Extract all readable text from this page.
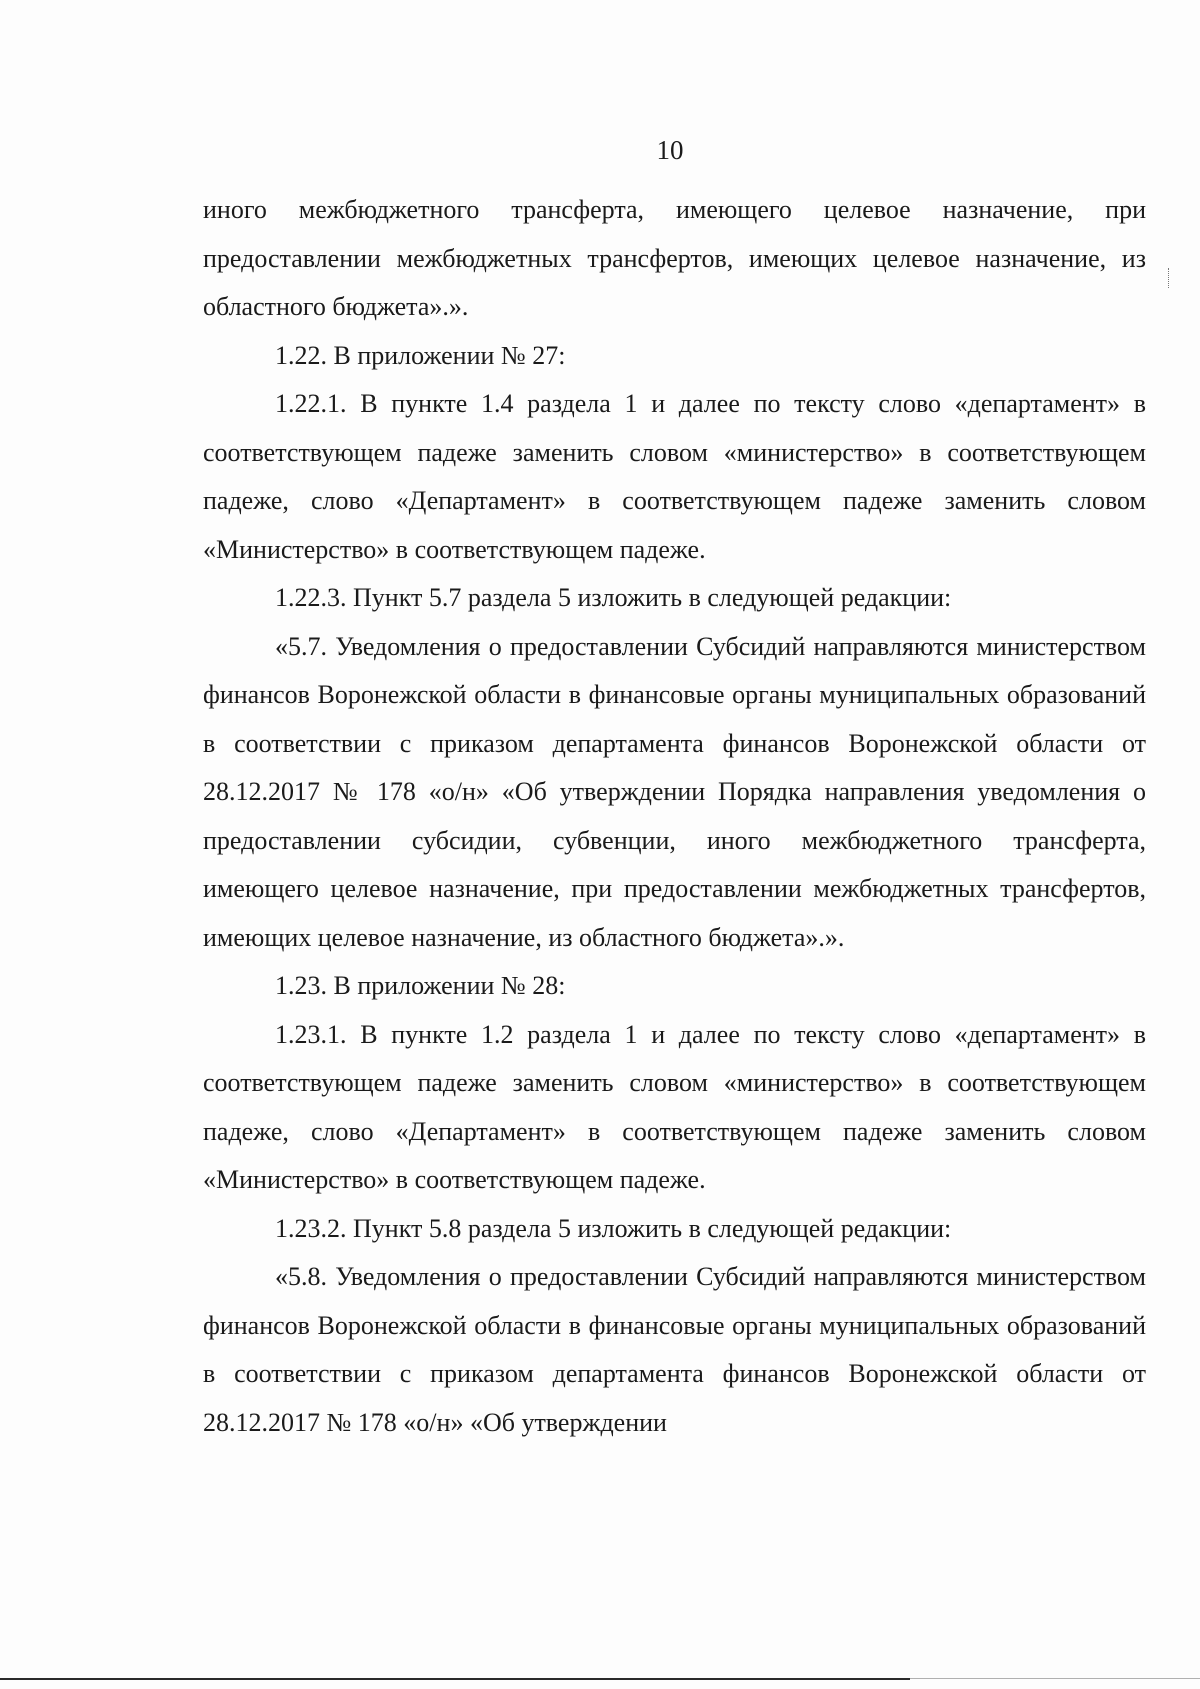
10

иного межбюджетного трансферта, имеющего целевое назначение, при предоставлении межбюджетных трансфертов, имеющих целевое назначение, из областного бюджета».».

1.22. В приложении № 27:

1.22.1. В пункте 1.4 раздела 1 и далее по тексту слово «департамент» в соответствующем падеже заменить словом «министерство» в соответствующем падеже, слово «Департамент» в соответствующем падеже заменить словом «Министерство» в соответствующем падеже.

1.22.3. Пункт 5.7 раздела 5 изложить в следующей редакции:

«5.7. Уведомления о предоставлении Субсидий направляются министерством финансов Воронежской области в финансовые органы муниципальных образований в соответствии с приказом департамента финансов Воронежской области от 28.12.2017 № 178 «о/н» «Об утверждении Порядка направления уведомления о предоставлении субсидии, субвенции, иного межбюджетного трансферта, имеющего целевое назначение, при предоставлении межбюджетных трансфертов, имеющих целевое назначение, из областного бюджета».».

1.23. В приложении № 28:

1.23.1. В пункте 1.2 раздела 1 и далее по тексту слово «департамент» в соответствующем падеже заменить словом «министерство» в соответствующем падеже, слово «Департамент» в соответствующем падеже заменить словом «Министерство» в соответствующем падеже.

1.23.2. Пункт 5.8 раздела 5 изложить в следующей редакции:

«5.8. Уведомления о предоставлении Субсидий направляются министерством финансов Воронежской области в финансовые органы муниципальных образований в соответствии с приказом департамента финансов Воронежской области от 28.12.2017 № 178 «о/н» «Об утверждении
